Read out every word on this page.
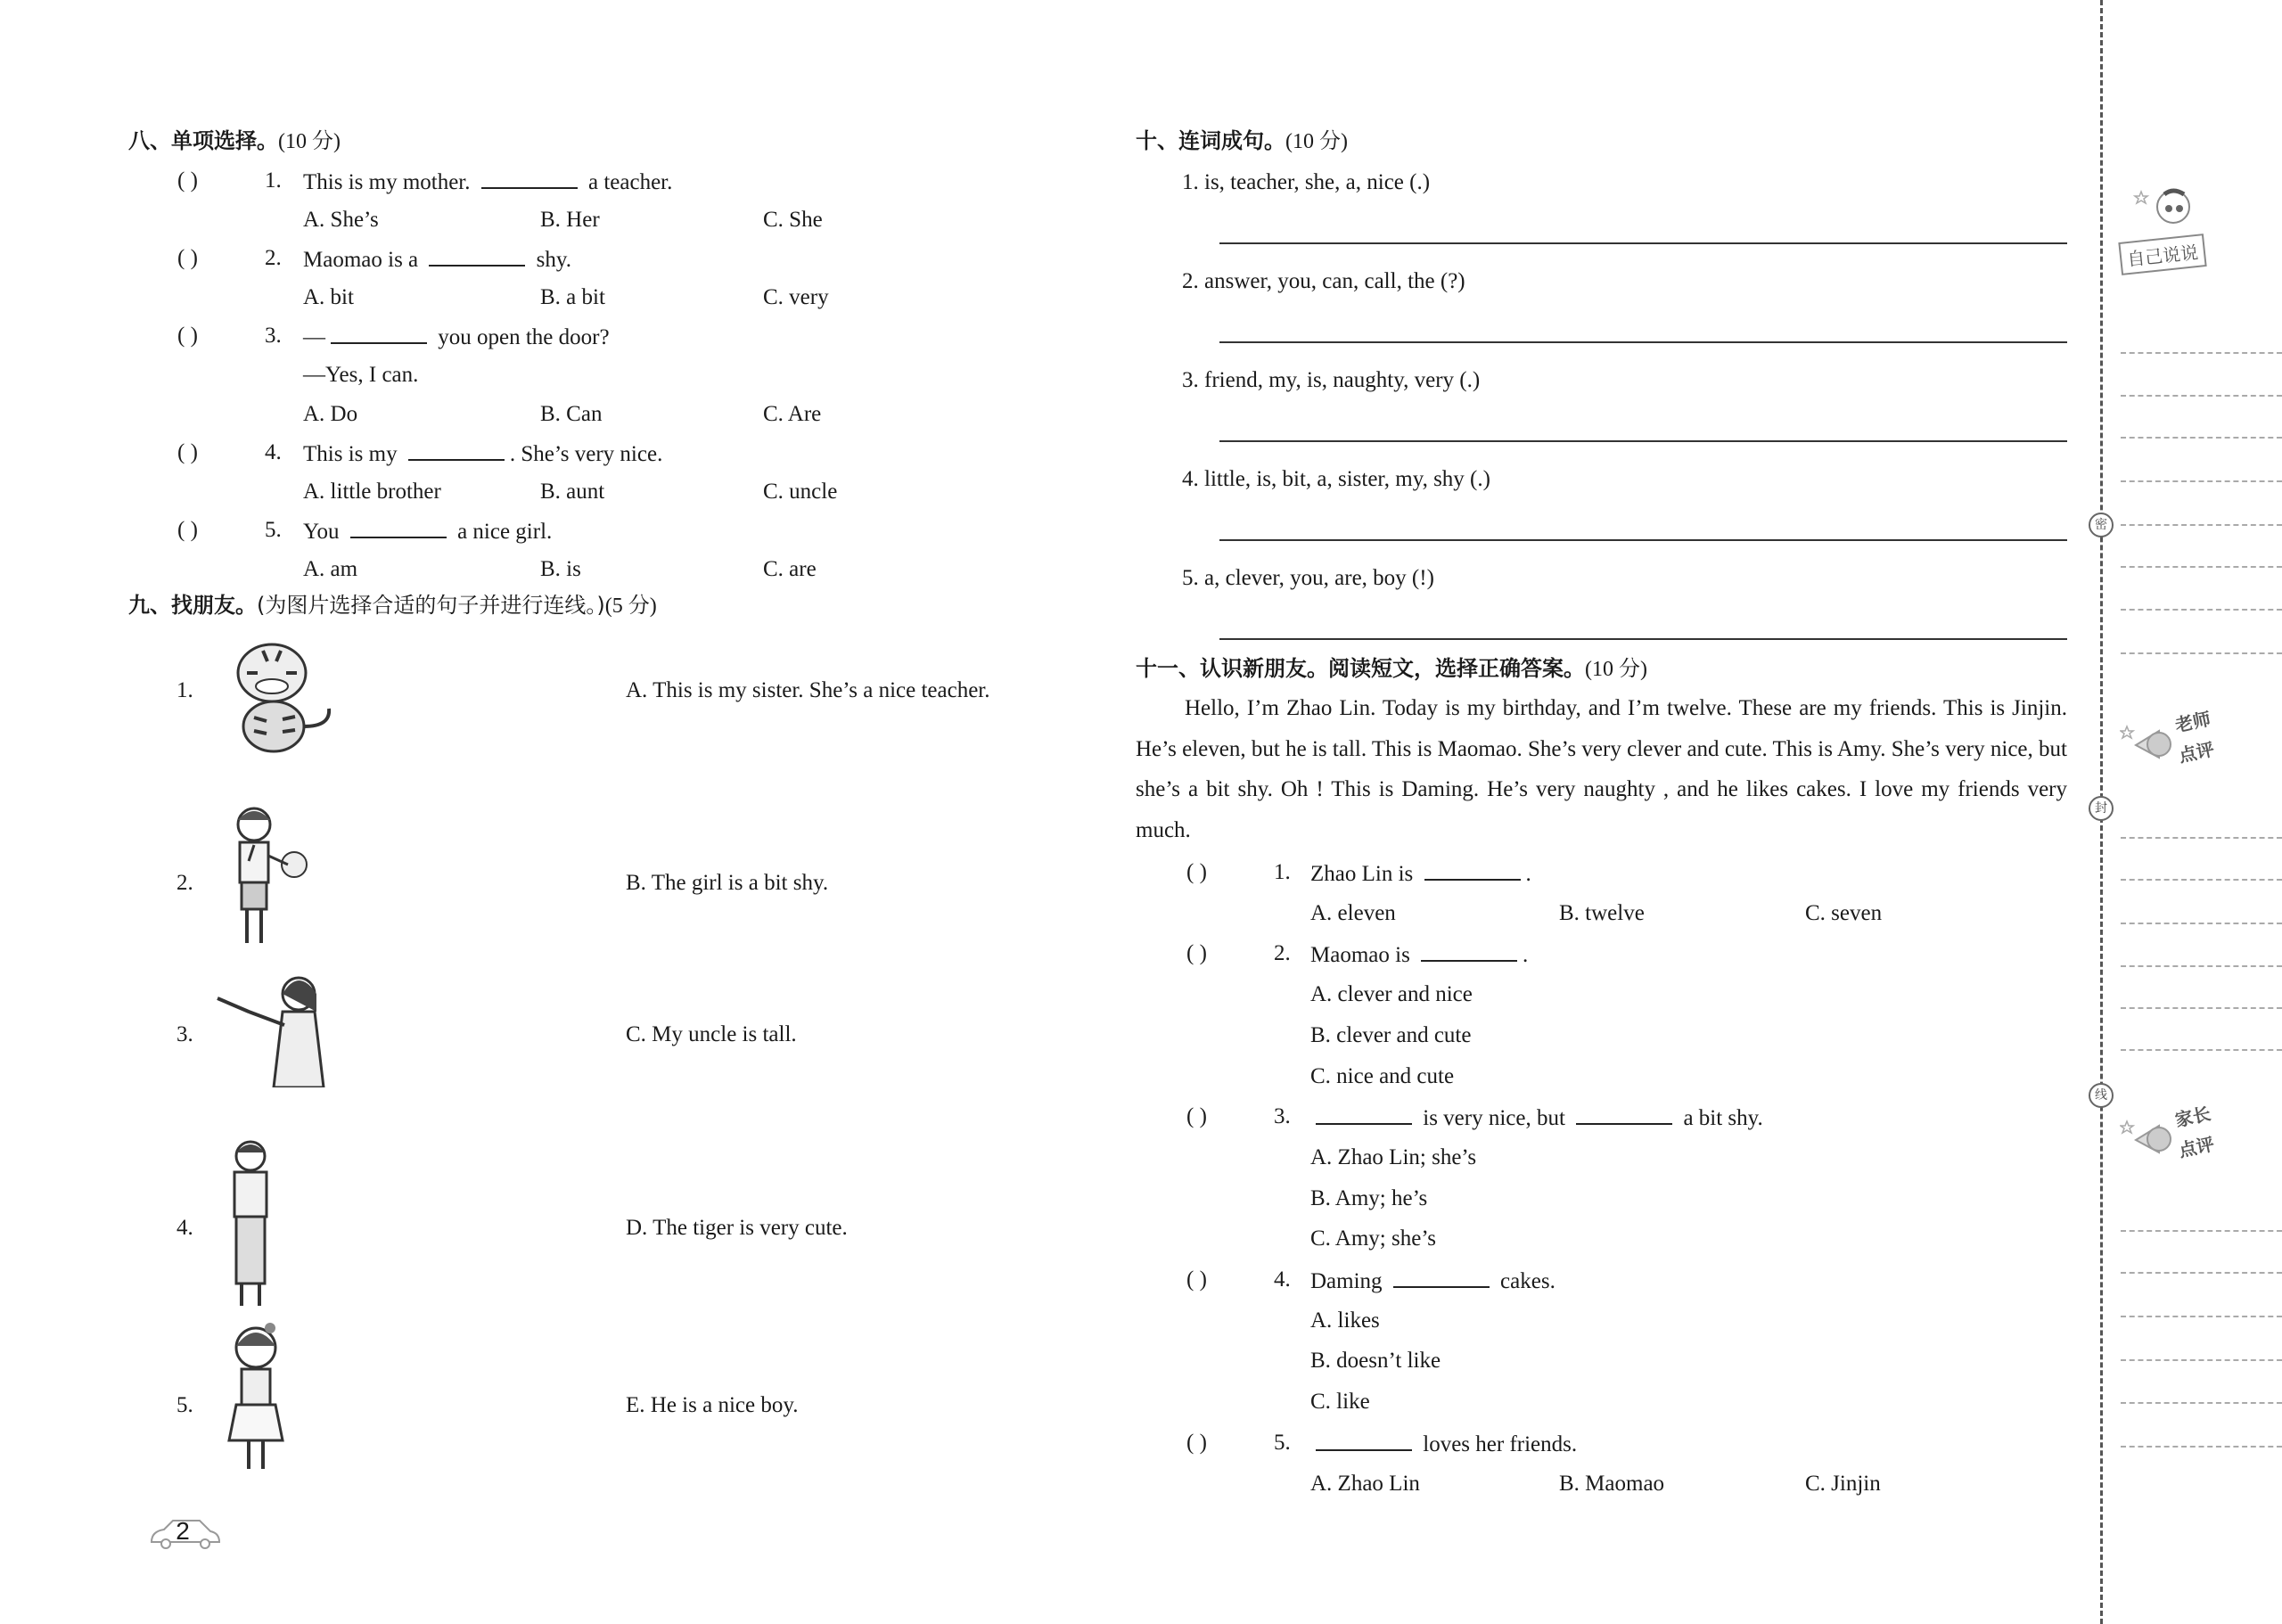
八、单项选择。(10 分)
( )	1. This is my mother.	a teacher.
A. She’s	B. Her	C. She
( )	2. Maomao is a	shy.
A. bit	B. a bit	C. very
( )	3. —	you open the door?
—Yes, I can.
A. Do	B. Can	C. Are
( )	4. This is my	. She’s very nice.
A. little brother	B. aunt	C. uncle
( )	5. You	a nice girl.
A. am	B. is	C. are
九、找朋友。(为图片选择合适的句子并进行连线。)(5 分)
1.
2.
3.
4.
5.
A. This is my sister. She’s a nice teacher.
B. The girl is a bit shy.
C. My uncle is tall.
D. The tiger is very cute.
E. He is a nice boy.
十、连词成句。(10 分)
1. is, teacher, she, a, nice (.)
2. answer, you, can, call, the (?)
3. friend, my, is, naughty, very (.)
4. little, is, bit, a, sister, my, shy (.)
5. a, clever, you, are, boy (!)
十一、认识新朋友。阅读短文，选择正确答案。(10 分)
Hello, I’m Zhao Lin. Today is my birthday, and I’m twelve. These are my friends. This is Jinjin. He’s eleven, but he is tall. This is Maomao. She’s very clever and cute. This is Amy. She’s very nice, but she’s a bit shy. Oh ! This is Daming. He’s very naughty , and he likes cakes. I love my friends very much.
( )	1. Zhao Lin is	.
A. eleven	B. twelve	C. seven
( )	2. Maomao is	.
A. clever and nice
B. clever and cute
C. nice and cute
( )	3.	is very nice, but	a bit shy.
A. Zhao Lin; she’s
B. Amy; he’s
C. Amy; she’s
( )	4. Daming	cakes.
A. likes
B. doesn’t like
C. like
( )	5.	loves her friends.
A. Zhao Lin	B. Maomao	C. Jinjin
2
密
封
线
自己说说
老师
点评
家长
点评
